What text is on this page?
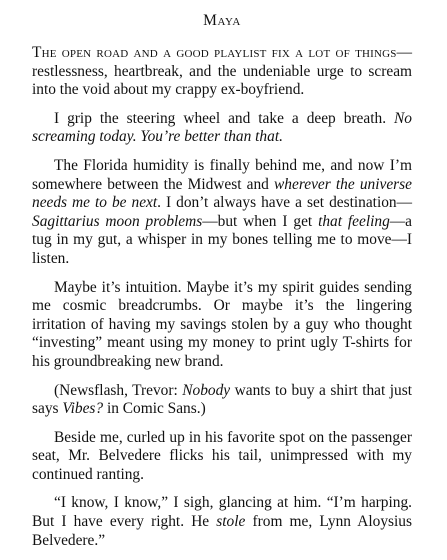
Maya

The open road and a good playlist fix a lot of things—restlessness, heartbreak, and the undeniable urge to scream into the void about my crappy ex-boyfriend.

I grip the steering wheel and take a deep breath. No screaming today. You’re better than that.

The Florida humidity is finally behind me, and now I’m somewhere between the Midwest and wherever the universe needs me to be next. I don’t always have a set destination—Sagittarius moon problems—but when I get that feeling—a tug in my gut, a whisper in my bones telling me to move—I listen.

Maybe it’s intuition. Maybe it’s my spirit guides sending me cosmic breadcrumbs. Or maybe it’s the lingering irritation of having my savings stolen by a guy who thought “investing” meant using my money to print ugly T-shirts for his groundbreaking new brand.

(Newsflash, Trevor: Nobody wants to buy a shirt that just says Vibes? in Comic Sans.)

Beside me, curled up in his favorite spot on the passenger seat, Mr. Belvedere flicks his tail, unimpressed with my continued ranting.

“I know, I know,” I sigh, glancing at him. “I’m harping. But I have every right. He stole from me, Lynn Aloysius Belvedere.”
